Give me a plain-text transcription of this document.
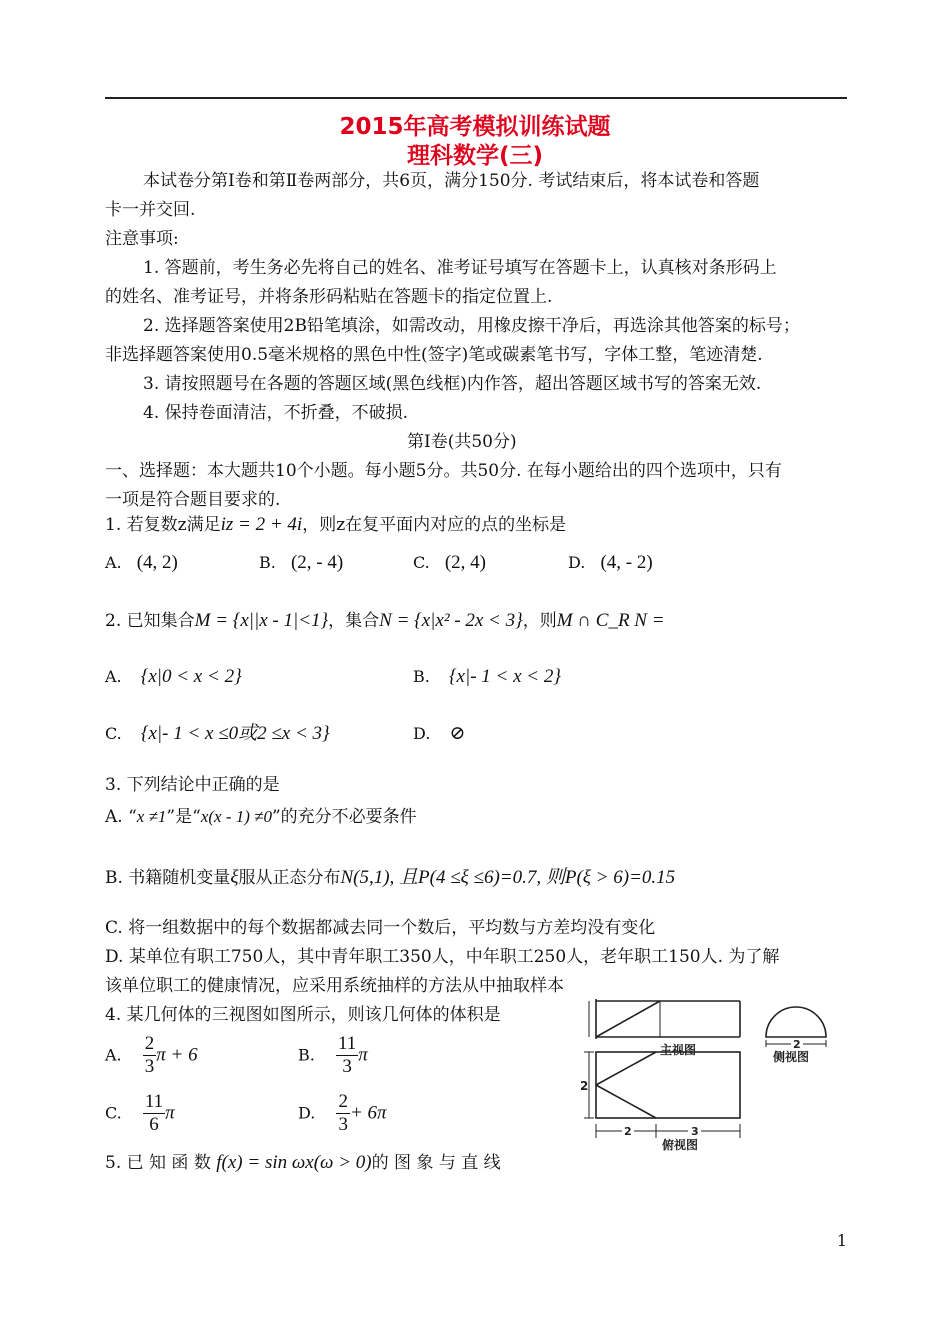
2015年高考模拟训练试题
理科数学(三)
本试卷分第Ⅰ卷和第Ⅱ卷两部分，共6页，满分150分. 考试结束后，将本试卷和答题
卡一并交回.
注意事项:
1. 答题前，考生务必先将自己的姓名、准考证号填写在答题卡上，认真核对条形码上
的姓名、准考证号，并将条形码粘贴在答题卡的指定位置上.
2. 选择题答案使用2B铅笔填涂，如需改动，用橡皮擦干净后，再选涂其他答案的标号；
非选择题答案使用0.5毫米规格的黑色中性(签字)笔或碳素笔书写，字体工整，笔迹清楚.
3. 请按照题号在各题的答题区域(黑色线框)内作答，超出答题区域书写的答案无效.
4. 保持卷面清洁，不折叠，不破损.
第Ⅰ卷(共50分)
一、选择题：本大题共10个小题。每小题5分。共50分. 在每小题给出的四个选项中，只有
一项是符合题目要求的.
1. 若复数z满足iz = 2 + 4i，则z在复平面内对应的点的坐标是
A. (4, 2)	B. (2, - 4)	C. (2, 4)	D. (4, - 2)
2. 已知集合M = {x||x - 1|<1}，集合N = {x|x² - 2x < 3}，则M ∩ C_R N =
A. {x|0 < x < 2}	B. {x|- 1 < x < 2}
C. {x|- 1 < x ≤0或2 ≤x < 3}	D. ⊘
3. 下列结论中正确的是
A. “x ≠1”是“x(x - 1) ≠0”的充分不必要条件
B. 书籍随机变量ξ服从正态分布N(5,1), 且P(4 ≤ξ ≤6)=0.7, 则P(ξ > 6)=0.15
C. 将一组数据中的每个数据都减去同一个数后，平均数与方差均没有变化
D. 某单位有职工750人，其中青年职工350人，中年职工250人，老年职工150人. 为了解
该单位职工的健康情况，应采用系统抽样的方法从中抽取样本
4. 某几何体的三视图如图所示，则该几何体的体积是
A. $\frac{2}{3}$ π + 6	B. $\frac{11}{3}$ π
C. $\frac{11}{6}$ π	D. $\frac{2}{3} + 6\pi$
主视图	侧视图
俯视图
2
2
2	3
5. 已 知 函 数 f(x) = sin ωx(ω > 0)的 图 象 与 直 线
1
